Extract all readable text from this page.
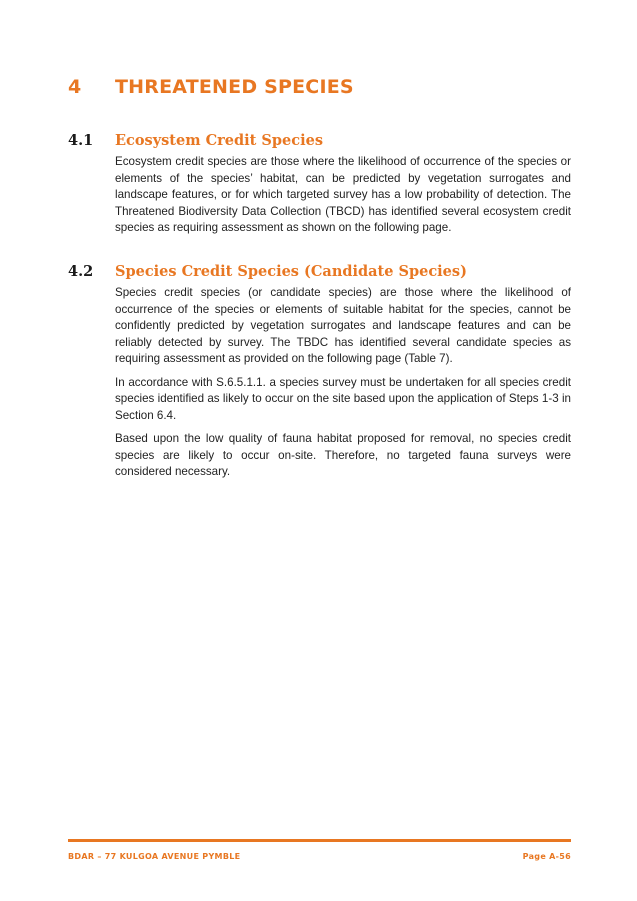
4 THREATENED SPECIES
4.1 Ecosystem Credit Species

Ecosystem credit species are those where the likelihood of occurrence of the species or elements of the species’ habitat, can be predicted by vegetation surrogates and landscape features, or for which targeted survey has a low probability of detection. The Threatened Biodiversity Data Collection (TBCD) has identified several ecosystem credit species as requiring assessment as shown on the following page.

4.2 Species Credit Species (Candidate Species)

Species credit species (or candidate species) are those where the likelihood of occurrence of the species or elements of suitable habitat for the species, cannot be confidently predicted by vegetation surrogates and landscape features and can be reliably detected by survey. The TBDC has identified several candidate species as requiring assessment as provided on the following page (Table 7).

In accordance with S.6.5.1.1. a species survey must be undertaken for all species credit species identified as likely to occur on the site based upon the application of Steps 1-3 in Section 6.4.

Based upon the low quality of fauna habitat proposed for removal, no species credit species are likely to occur on-site. Therefore, no targeted fauna surveys were considered necessary.

BDAR – 77 KULGOA AVENUE PYMBLE	Page A-56
